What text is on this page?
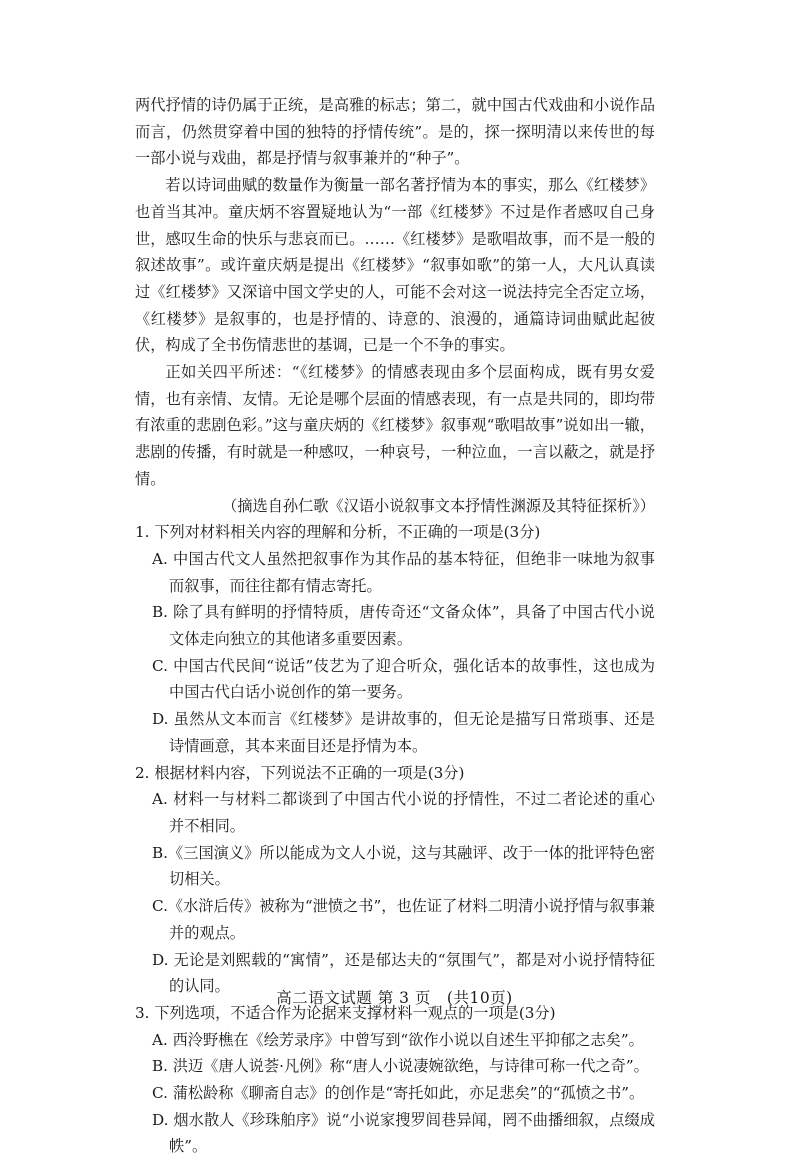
两代抒情的诗仍属于正统，是高雅的标志；第二，就中国古代戏曲和小说作品而言，仍然贯穿着中国的独特的抒情传统”。是的，探一探明清以来传世的每一部小说与戏曲，都是抒情与叙事兼并的“种子”。

若以诗词曲赋的数量作为衡量一部名著抒情为本的事实，那么《红楼梦》也首当其冲。童庆炳不容置疑地认为“一部《红楼梦》不过是作者感叹自己身世，感叹生命的快乐与悲哀而已。……《红楼梦》是歌唱故事，而不是一般的叙述故事”。或许童庆炳是提出《红楼梦》“叙事如歌”的第一人，大凡认真读过《红楼梦》又深谙中国文学史的人，可能不会对这一说法持完全否定立场，《红楼梦》是叙事的，也是抒情的、诗意的、浪漫的，通篇诗词曲赋此起彼伏，构成了全书伤情悲世的基调，已是一个不争的事实。

正如关四平所述：“《红楼梦》的情感表现由多个层面构成，既有男女爱情，也有亲情、友情。无论是哪个层面的情感表现，有一点是共同的，即均带有浓重的悲剧色彩。”这与童庆炳的《红楼梦》叙事观“歌唱故事”说如出一辙，悲剧的传播，有时就是一种感叹，一种哀号，一种泣血，一言以蔽之，就是抒情。

（摘选自孙仁歌《汉语小说叙事文本抒情性渊源及其特征探析》）

1. 下列对材料相关内容的理解和分析，不正确的一项是(3分)

A. 中国古代文人虽然把叙事作为其作品的基本特征，但绝非一味地为叙事而叙事，而往往都有情志寄托。

B. 除了具有鲜明的抒情特质，唐传奇还“文备众体”，具备了中国古代小说文体走向独立的其他诸多重要因素。

C. 中国古代民间“说话”伎艺为了迎合听众，强化话本的故事性，这也成为中国古代白话小说创作的第一要务。

D. 虽然从文本而言《红楼梦》是讲故事的，但无论是描写日常琐事、还是诗情画意，其本来面目还是抒情为本。

2. 根据材料内容，下列说法不正确的一项是(3分)

A. 材料一与材料二都谈到了中国古代小说的抒情性，不过二者论述的重心并不相同。

B.《三国演义》所以能成为文人小说，这与其融评、改于一体的批评特色密切相关。

C.《水浒后传》被称为“泄愤之书”，也佐证了材料二明清小说抒情与叙事兼并的观点。

D. 无论是刘熙载的“寓情”，还是郁达夫的“氛围气”，都是对小说抒情特征的认同。

3. 下列选项，不适合作为论据来支撑材料一观点的一项是(3分)

A. 西泠野樵在《绘芳录序》中曾写到“欲作小说以自述生平抑郁之志矣”。

B. 洪迈《唐人说荟·凡例》称“唐人小说凄婉欲绝，与诗律可称一代之奇”。

C. 蒲松龄称《聊斋自志》的创作是“寄托如此，亦足悲矣”的“孤愤之书”。

D. 烟水散人《珍珠舶序》说“小说家搜罗闾巷异闻，罔不曲播细叙，点缀成帙”。

高二语文试题 第 3 页　(共10页)
